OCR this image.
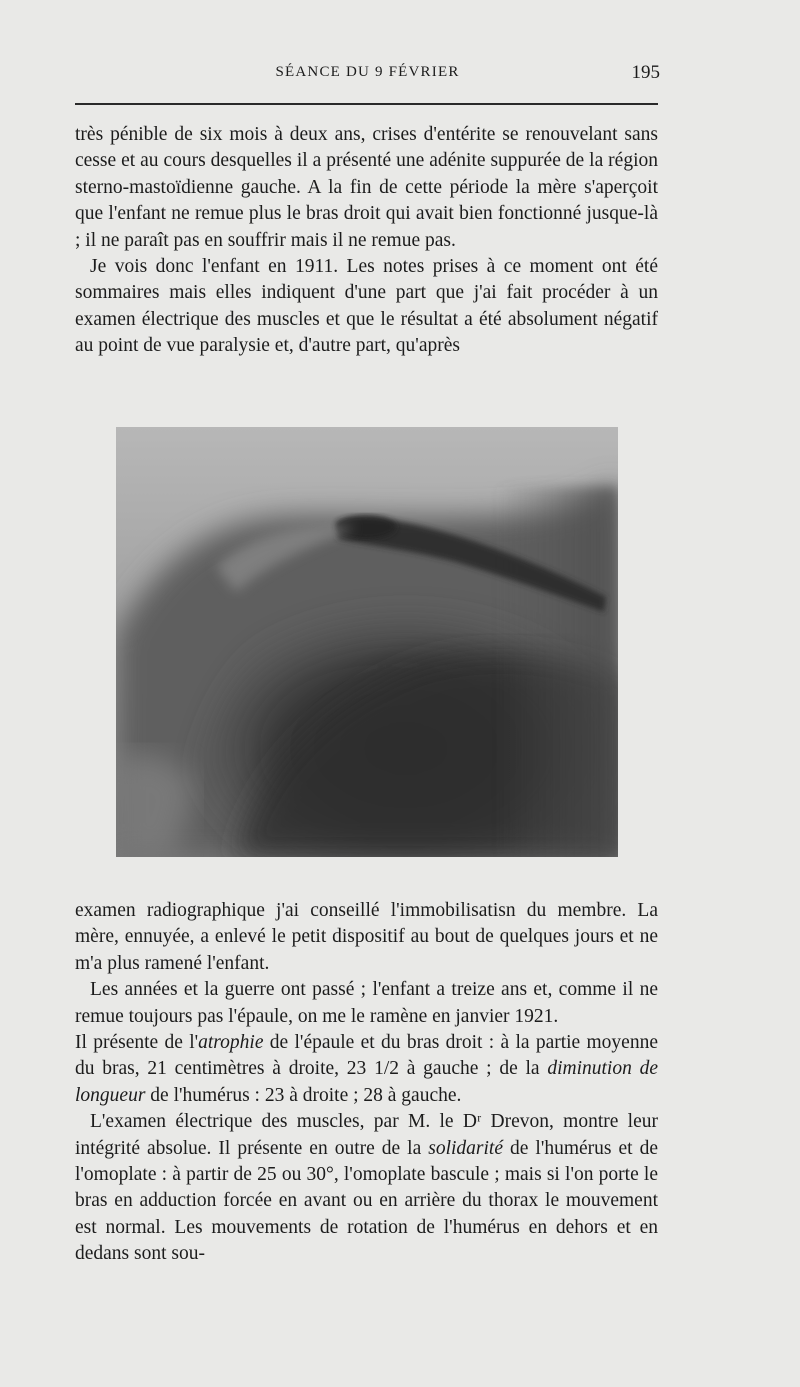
SÉANCE DU 9 FÉVRIER	195

très pénible de six mois à deux ans, crises d'entérite se renouvelant sans cesse et au cours desquelles il a présenté une adénite suppurée de la région sterno-mastoïdienne gauche. A la fin de cette période la mère s'aperçoit que l'enfant ne remue plus le bras droit qui avait bien fonctionné jusque-là ; il ne paraît pas en souffrir mais il ne remue pas.

Je vois donc l'enfant en 1911. Les notes prises à ce moment ont été sommaires mais elles indiquent d'une part que j'ai fait procéder à un examen électrique des muscles et que le résultat a été absolument négatif au point de vue paralysie et, d'autre part, qu'après

examen radiographique j'ai conseillé l'immobilisatisn du membre. La mère, ennuyée, a enlevé le petit dispositif au bout de quelques jours et ne m'a plus ramené l'enfant.

Les années et la guerre ont passé ; l'enfant a treize ans et, comme il ne remue toujours pas l'épaule, on me le ramène en janvier 1921.

Il présente de l'atrophie de l'épaule et du bras droit : à la partie moyenne du bras, 21 centimètres à droite, 23 1/2 à gauche ; de la diminution de longueur de l'humérus : 23 à droite ; 28 à gauche.

L'examen électrique des muscles, par M. le Dʳ Drevon, montre leur intégrité absolue. Il présente en outre de la solidarité de l'humérus et de l'omoplate : à partir de 25 ou 30°, l'omoplate bascule ; mais si l'on porte le bras en adduction forcée en avant ou en arrière du thorax le mouvement est normal. Les mouvements de rotation de l'humérus en dehors et en dedans sont sou-
